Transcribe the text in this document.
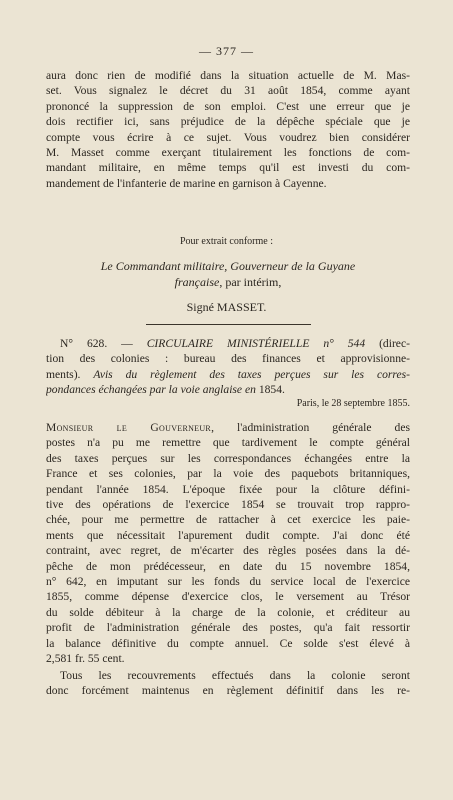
— 377 —
aura donc rien de modifié dans la situation actuelle de M. Mas-
set. Vous signalez le décret du 31 août 1854, comme ayant
prononcé la suppression de son emploi. C'est une erreur que je
dois rectifier ici, sans préjudice de la dépêche spéciale que je
compte vous écrire à ce sujet. Vous voudrez bien considérer
M. Masset comme exerçant titulairement les fonctions de com-
mandant militaire, en même temps qu'il est investi du com-
mandement de l'infanterie de marine en garnison à Cayenne.
Pour extrait conforme :
Le Commandant militaire, Gouverneur de la Guyane
française, par intérim,
Signé MASSET.
N° 628. — CIRCULAIRE MINISTÉRIELLE n° 544 (direc-
tion des colonies : bureau des finances et approvisionne-
ments). Avis du règlement des taxes perçues sur les corres-
pondances échangées par la voie anglaise en 1854.
Paris, le 28 septembre 1855.
Monsieur le Gouverneur, l'administration générale des
postes n'a pu me remettre que tardivement le compte général
des taxes perçues sur les correspondances échangées entre la
France et ses colonies, par la voie des paquebots britanniques,
pendant l'année 1854. L'époque fixée pour la clôture défini-
tive des opérations de l'exercice 1854 se trouvait trop rappro-
chée, pour me permettre de rattacher à cet exercice les paie-
ments que nécessitait l'apurement dudit compte. J'ai donc été
contraint, avec regret, de m'écarter des règles posées dans la dé-
pêche de mon prédécesseur, en date du 15 novembre 1854,
n° 642, en imputant sur les fonds du service local de l'exercice
1855, comme dépense d'exercice clos, le versement au Trésor
du solde débiteur à la charge de la colonie, et créditeur au
profit de l'administration générale des postes, qu'a fait ressortir
la balance définitive du compte annuel. Ce solde s'est élevé à
2,581 fr. 55 cent.
Tous les recouvrements effectués dans la colonie seront
donc forcément maintenus en règlement définitif dans les re-
